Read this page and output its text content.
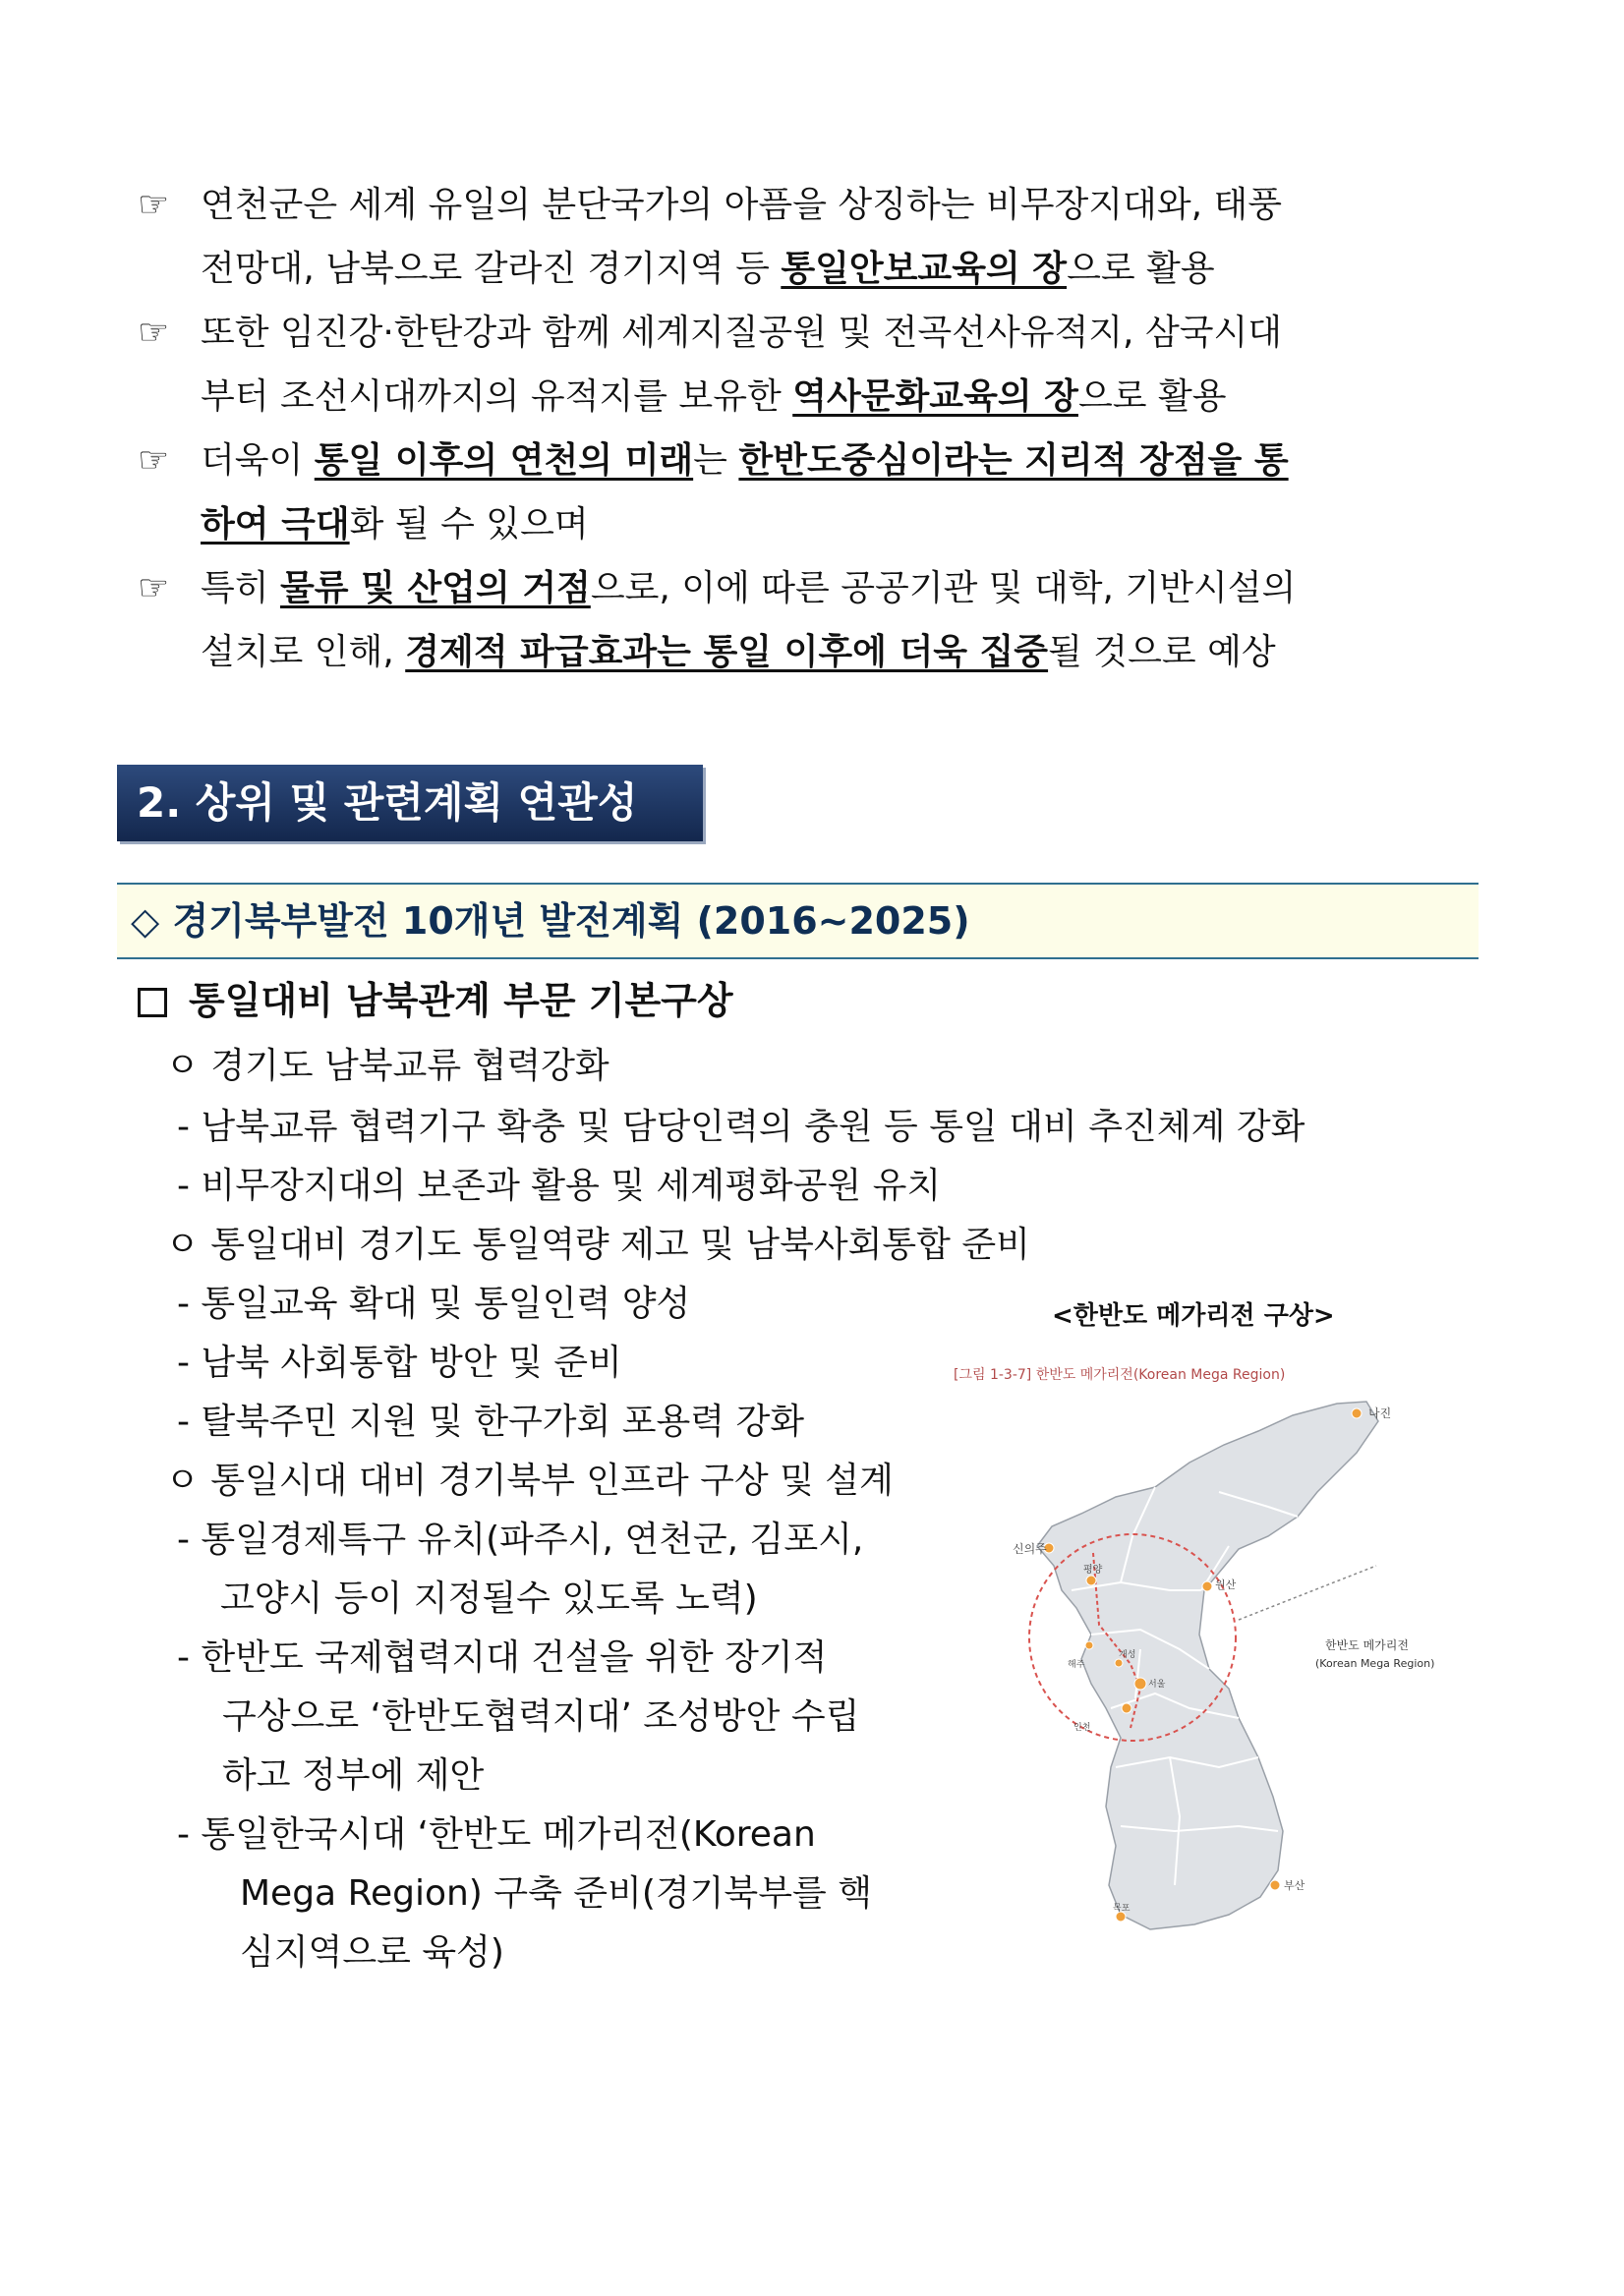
☞ 연천군은 세계 유일의 분단국가의 아픔을 상징하는 비무장지대와, 태풍
전망대, 남북으로 갈라진 경기지역 등 통일안보교육의 장으로 활용
☞ 또한 임진강·한탄강과 함께 세계지질공원 및 전곡선사유적지, 삼국시대
부터 조선시대까지의 유적지를 보유한 역사문화교육의 장으로 활용
☞ 더욱이 통일 이후의 연천의 미래는 한반도중심이라는 지리적 장점을 통
하여 극대화 될 수 있으며
☞ 특히 물류 및 산업의 거점으로, 이에 따른 공공기관 및 대학, 기반시설의
설치로 인해, 경제적 파급효과는 통일 이후에 더욱 집중될 것으로 예상
2. 상위 및 관련계획 연관성
◇ 경기북부발전 10개년 발전계획 (2016~2025)
통일대비 남북관계 부문 기본구상
ㅇ 경기도 남북교류 협력강화
- 남북교류 협력기구 확충 및 담당인력의 충원 등 통일 대비 추진체계 강화
- 비무장지대의 보존과 활용 및 세계평화공원 유치
ㅇ 통일대비 경기도 통일역량 제고 및 남북사회통합 준비
- 통일교육 확대 및 통일인력 양성
- 남북 사회통합 방안 및 준비
- 탈북주민 지원 및 한구가회 포용력 강화
ㅇ 통일시대 대비 경기북부 인프라 구상 및 설계
- 통일경제특구 유치(파주시, 연천군, 김포시,
고양시 등이 지정될수 있도록 노력)
- 한반도 국제협력지대 건설을 위한 장기적
구상으로 ‘한반도협력지대’ 조성방안 수립
하고 정부에 제안
- 통일한국시대 ‘한반도 메가리전(Korean
Mega Region) 구축 준비(경기북부를 핵
심지역으로 육성)
<한반도 메가리전 구상>
[그림 1-3-7] 한반도 메가리전(Korean Mega Region)
나진
신의주
평양
원산
해주
개성
서울
인천
부산
목포
한반도 메가리전
(Korean Mega Region)
